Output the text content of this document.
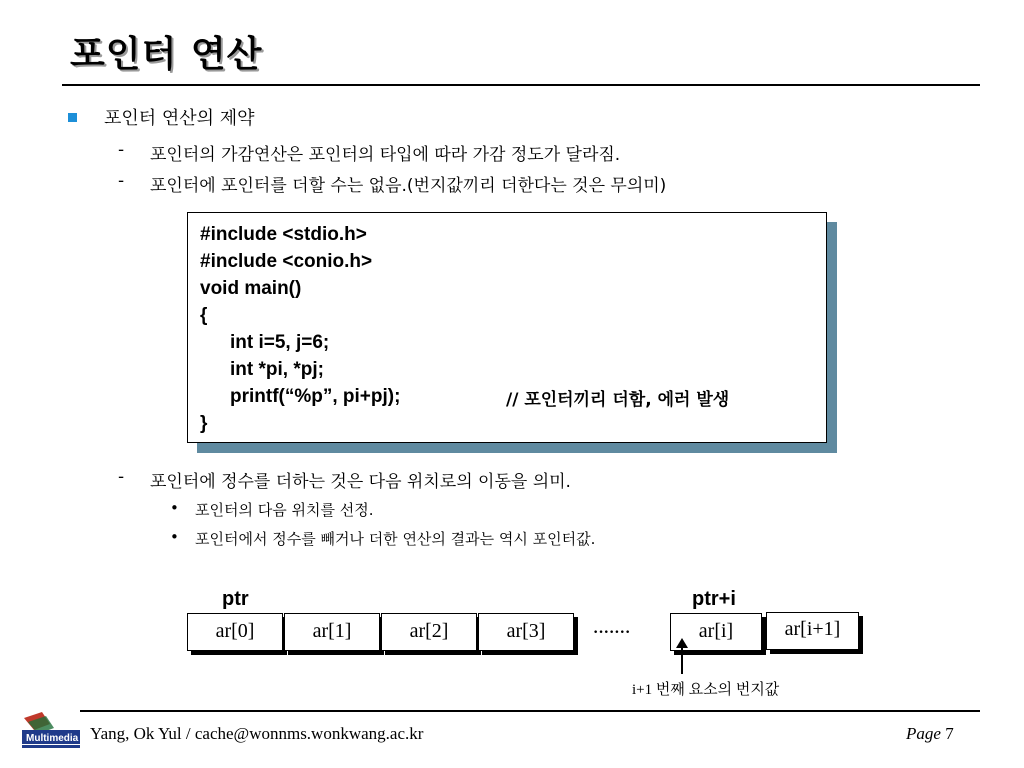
포인터 연산
포인터 연산의 제약
- 포인터의 가감연산은 포인터의 타입에 따라 가감 정도가 달라짐.
- 포인터에 포인터를 더할 수는 없음.(번지값끼리 더한다는 것은 무의미)
#include <stdio.h>
#include <conio.h>
void main()
{
int i=5, j=6;
int *pi, *pj;
printf(“%p”, pi+pj);	// 포인터끼리 더함, 에러 발생
}
- 포인터에 정수를 더하는 것은 다음 위치로의 이동을 의미.
• 포인터의 다음 위치를 선정.
• 포인터에서 정수를 빼거나 더한 연산의 결과는 역시 포인터값.
ptr	ptr+i
ar[0]	ar[1]	ar[2]	ar[3]	·······	ar[i]	ar[i+1]
i+1 번째 요소의 번지값
Multimedia Yang, Ok Yul / cache@wonnms.wonkwang.ac.kr	Page 7
